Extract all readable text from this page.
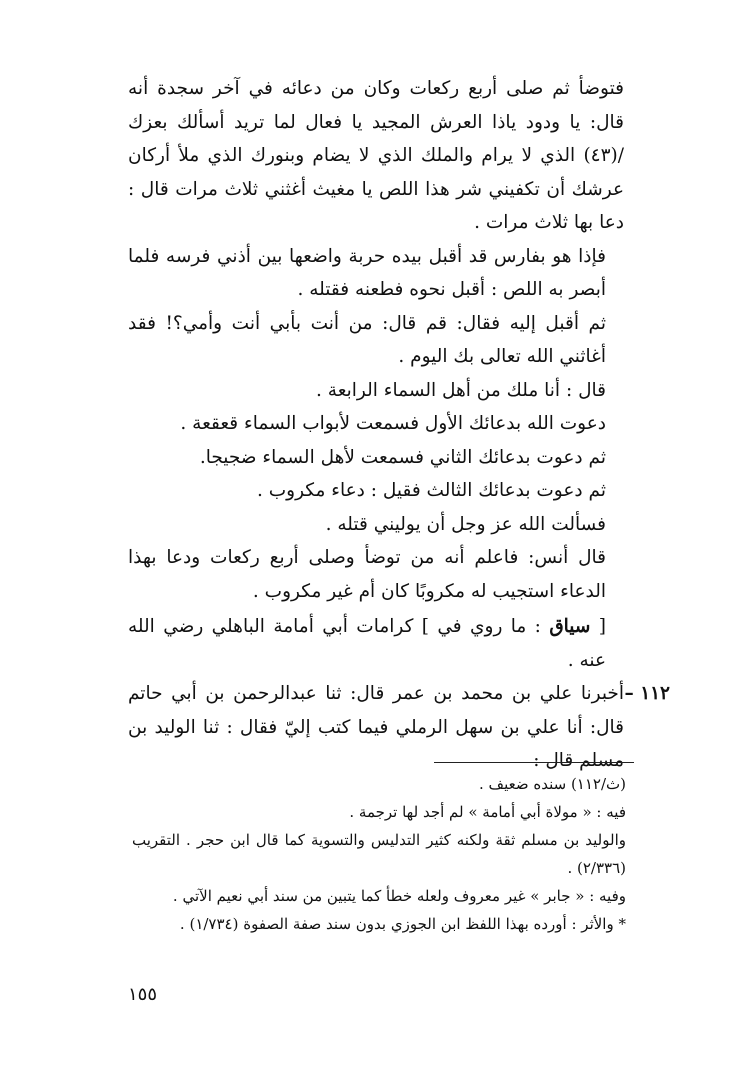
فتوضأ ثم صلى أربع ركعات وكان من دعائه في آخر سجدة أنه قال: يا ودود ياذا العرش المجيد يا فعال لما تريد أسألك بعزك /(٤٣) الذي لا يرام والملك الذي لا يضام وبنورك الذي ملأ أركان عرشك أن تكفيني شر هذا اللص يا مغيث أغثني ثلاث مرات قال : دعا بها ثلاث مرات .

فإذا هو بفارس قد أقبل بيده حربة واضعها بين أذني فرسه فلما أبصر به اللص : أقبل نحوه فطعنه فقتله .

ثم أقبل إليه فقال: قم قال: من أنت بأبي أنت وأمي؟! فقد أغاثني الله تعالى بك اليوم .

قال : أنا ملك من أهل السماء الرابعة .

دعوت الله بدعائك الأول فسمعت لأبواب السماء قعقعة .

ثم دعوت بدعائك الثاني فسمعت لأهل السماء ضجيجا.

ثم دعوت بدعائك الثالث فقيل : دعاء مكروب .

فسألت الله عز وجل أن يوليني قتله .

قال أنس: فاعلم أنه من توضأ وصلى أربع ركعات ودعا بهذا الدعاء استجيب له مكروبًا كان أم غير مكروب .

[ سياق : ما روي في ] كرامات أبي أمامة الباهلي رضي الله عنه .

١١٢ –

أخبرنا علي بن محمد بن عمر قال: ثنا عبدالرحمن بن أبي حاتم قال: أنا علي بن سهل الرملي فيما كتب إليّ فقال : ثنا الوليد بن مسلم قال :

(ث/١١٢) سنده ضعيف .

فيه : « مولاة أبي أمامة » لم أجد لها ترجمة .

والوليد بن مسلم ثقة ولكنه كثير التدليس والتسوية كما قال ابن حجر . التقريب (٢/٣٣٦) .

وفيه : « جابر » غير معروف ولعله خطأ كما يتبين من سند أبي نعيم الآتي .

* والأثر : أورده بهذا اللفظ ابن الجوزي بدون سند صفة الصفوة (١/٧٣٤) .

١٥٥
